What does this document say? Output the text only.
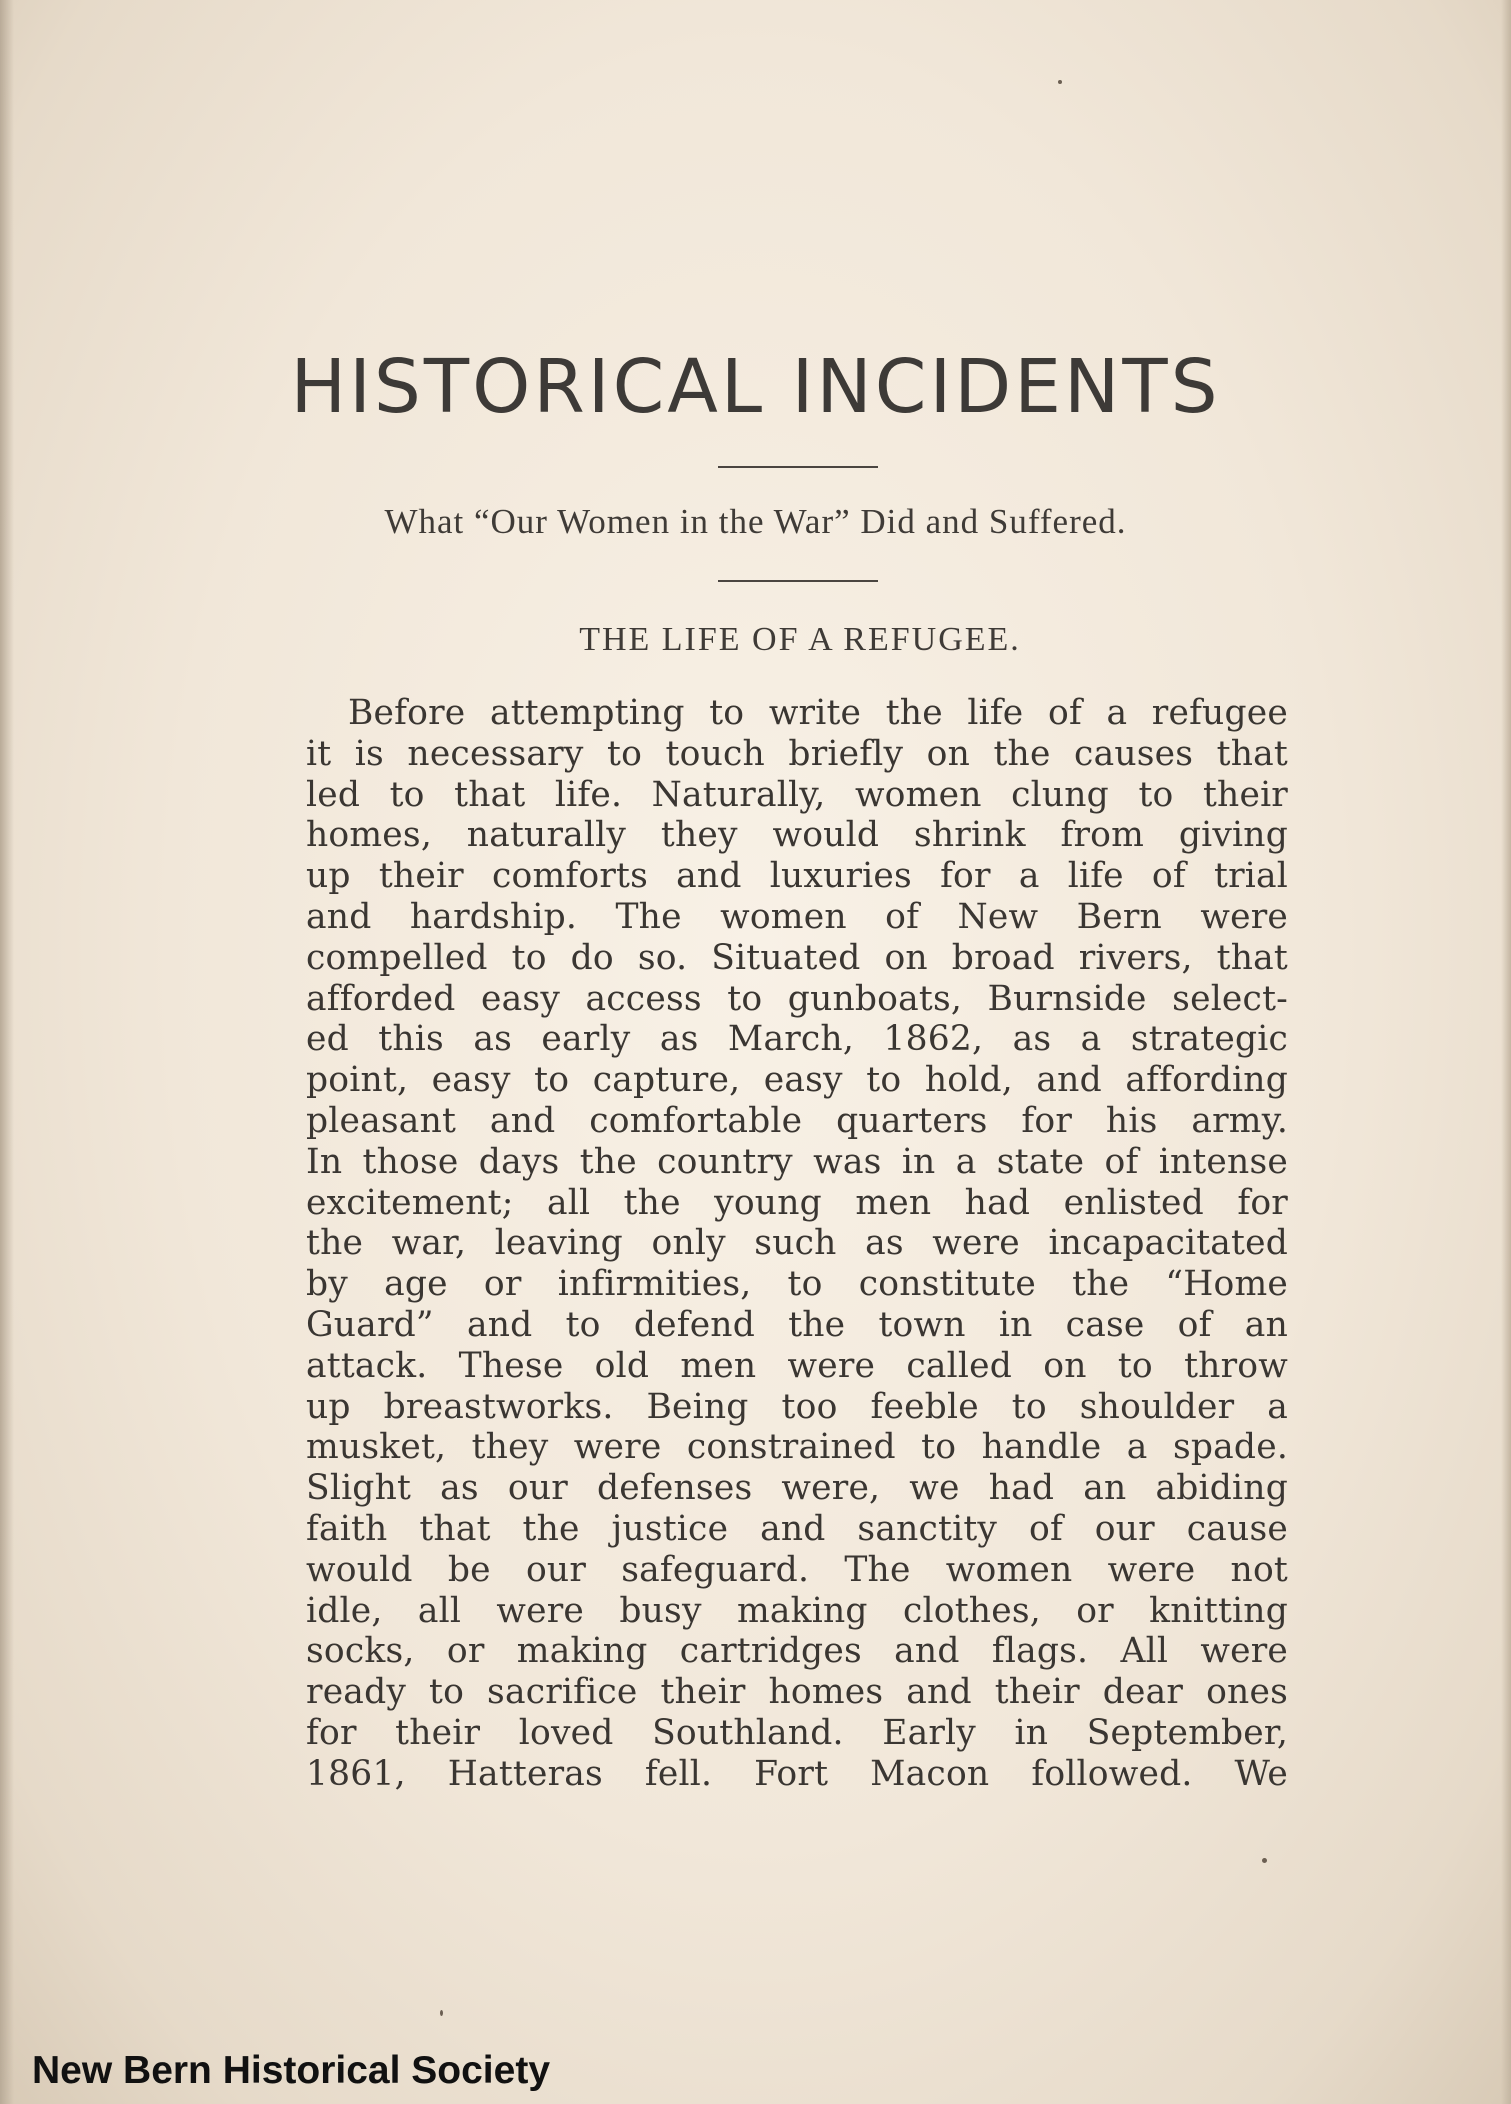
HISTORICAL INCIDENTS
What “Our Women in the War” Did and Suffered.
THE LIFE OF A REFUGEE.
Before attempting to write the life of a refugee
it is necessary to touch briefly on the causes that
led to that life. Naturally, women clung to their
homes, naturally they would shrink from giving
up their comforts and luxuries for a life of trial
and hardship. The women of New Bern were
compelled to do so. Situated on broad rivers, that
afforded easy access to gunboats, Burnside select-
ed this as early as March, 1862, as a strategic
point, easy to capture, easy to hold, and affording
pleasant and comfortable quarters for his army.
In those days the country was in a state of intense
excitement; all the young men had enlisted for
the war, leaving only such as were incapacitated
by age or infirmities, to constitute the “Home
Guard” and to defend the town in case of an
attack. These old men were called on to throw
up breastworks. Being too feeble to shoulder a
musket, they were constrained to handle a spade.
Slight as our defenses were, we had an abiding
faith that the justice and sanctity of our cause
would be our safeguard. The women were not
idle, all were busy making clothes, or knitting
socks, or making cartridges and flags. All were
ready to sacrifice their homes and their dear ones
for their loved Southland. Early in September,
1861, Hatteras fell. Fort Macon followed. We
New Bern Historical Society
